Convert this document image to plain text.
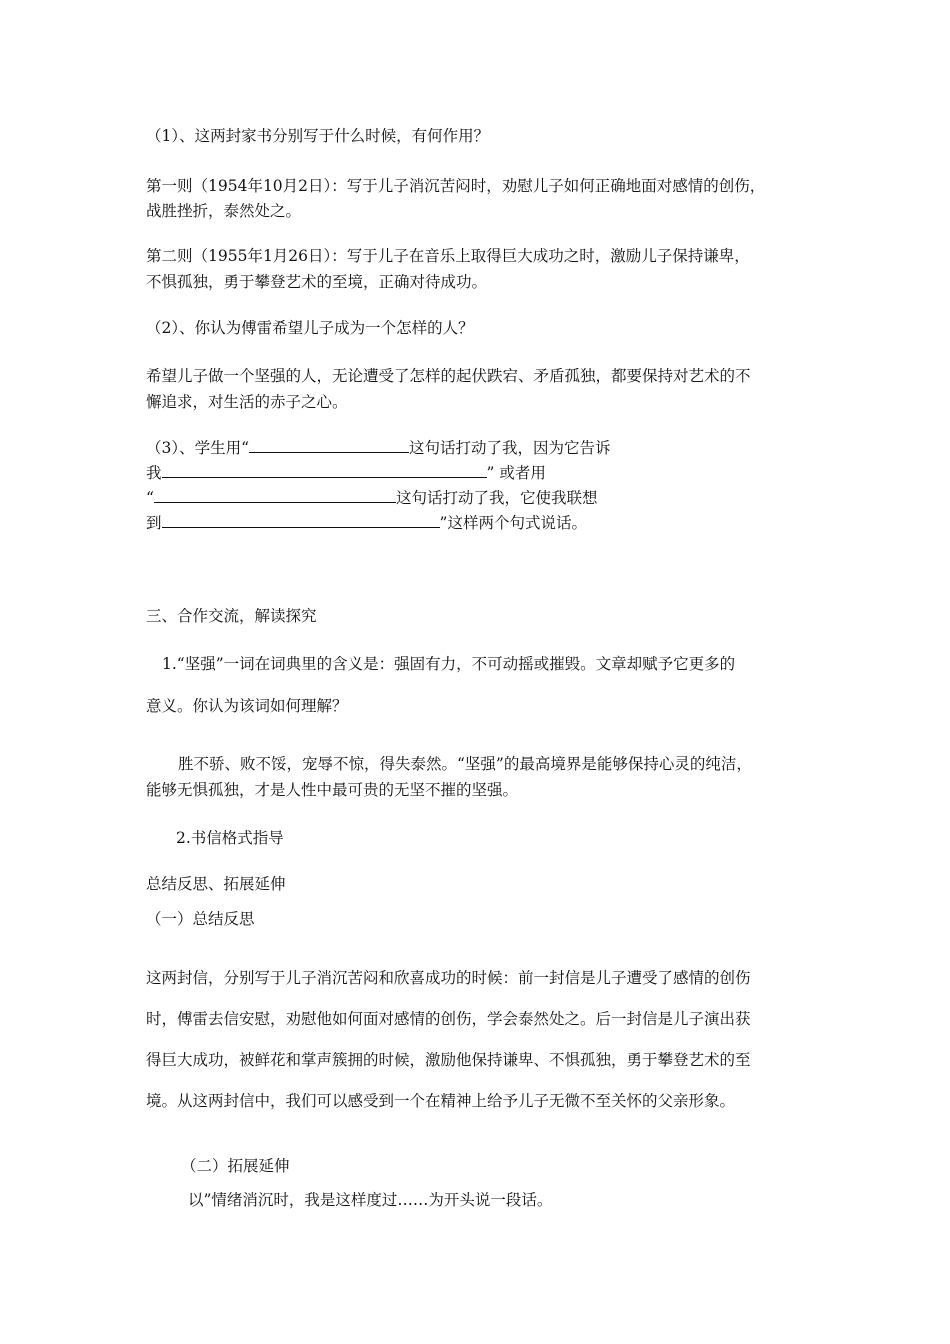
（1）、这两封家书分别写于什么时候，有何作用？
第一则（1954年10月2日）：写于儿子消沉苦闷时，劝慰儿子如何正确地面对感情的创伤，
战胜挫折，泰然处之。
第二则（1955年1月26日）：写于儿子在音乐上取得巨大成功之时，激励儿子保持谦卑，
不惧孤独，勇于攀登艺术的至境，正确对待成功。
（2）、你认为傅雷希望儿子成为一个怎样的人？
希望儿子做一个坚强的人，无论遭受了怎样的起伏跌宕、矛盾孤独，都要保持对艺术的不
懈追求，对生活的赤子之心。
（3）、学生用“	这句话打动了我，因为它告诉
我	” 或者用
“	这句话打动了我，它使我联想
到	”这样两个句式说话。
三、合作交流，解读探究
1.“坚强”一词在词典里的含义是：强固有力，不可动摇或摧毁。文章却赋予它更多的
意义。你认为该词如何理解？
胜不骄、败不馁，宠辱不惊，得失泰然。“坚强”的最高境界是能够保持心灵的纯洁，
能够无惧孤独，才是人性中最可贵的无坚不摧的坚强。
2.书信格式指导
总结反思、拓展延伸
（一）总结反思
这两封信，分别写于儿子消沉苦闷和欣喜成功的时候：前一封信是儿子遭受了感情的创伤
时，傅雷去信安慰，劝慰他如何面对感情的创伤，学会泰然处之。后一封信是儿子演出获
得巨大成功，被鲜花和掌声簇拥的时候，激励他保持谦卑、不惧孤独，勇于攀登艺术的至
境。从这两封信中，我们可以感受到一个在精神上给予儿子无微不至关怀的父亲形象。
（二）拓展延伸
以”情绪消沉时，我是这样度过……为开头说一段话。
